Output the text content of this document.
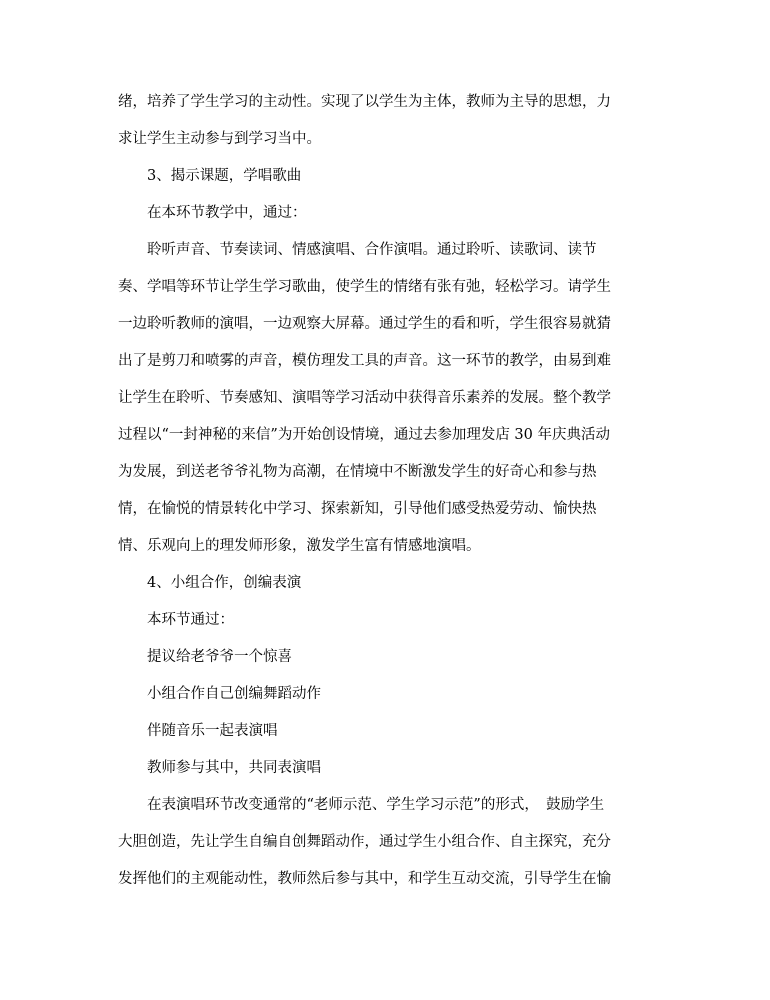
绪，培养了学生学习的主动性。实现了以学生为主体，教师为主导的思想，力
求让学生主动参与到学习当中。
3、揭示课题，学唱歌曲
在本环节教学中，通过：
聆听声音、节奏读词、情感演唱、合作演唱。通过聆听、读歌词、读节
奏、学唱等环节让学生学习歌曲，使学生的情绪有张有弛，轻松学习。请学生
一边聆听教师的演唱，一边观察大屏幕。通过学生的看和听，学生很容易就猜
出了是剪刀和喷雾的声音，模仿理发工具的声音。这一环节的教学，由易到难
让学生在聆听、节奏感知、演唱等学习活动中获得音乐素养的发展。整个教学
过程以“一封神秘的来信”为开始创设情境，通过去参加理发店 30 年庆典活动
为发展，到送老爷爷礼物为高潮，在情境中不断激发学生的好奇心和参与热
情，在愉悦的情景转化中学习、探索新知，引导他们感受热爱劳动、愉快热
情、乐观向上的理发师形象，激发学生富有情感地演唱。
4、小组合作，创编表演
本环节通过：
提议给老爷爷一个惊喜
小组合作自己创编舞蹈动作
伴随音乐一起表演唱
教师参与其中，共同表演唱
在表演唱环节改变通常的“老师示范、学生学习示范”的形式，　鼓励学生
大胆创造，先让学生自编自创舞蹈动作，通过学生小组合作、自主探究，充分
发挥他们的主观能动性，教师然后参与其中，和学生互动交流，引导学生在愉
